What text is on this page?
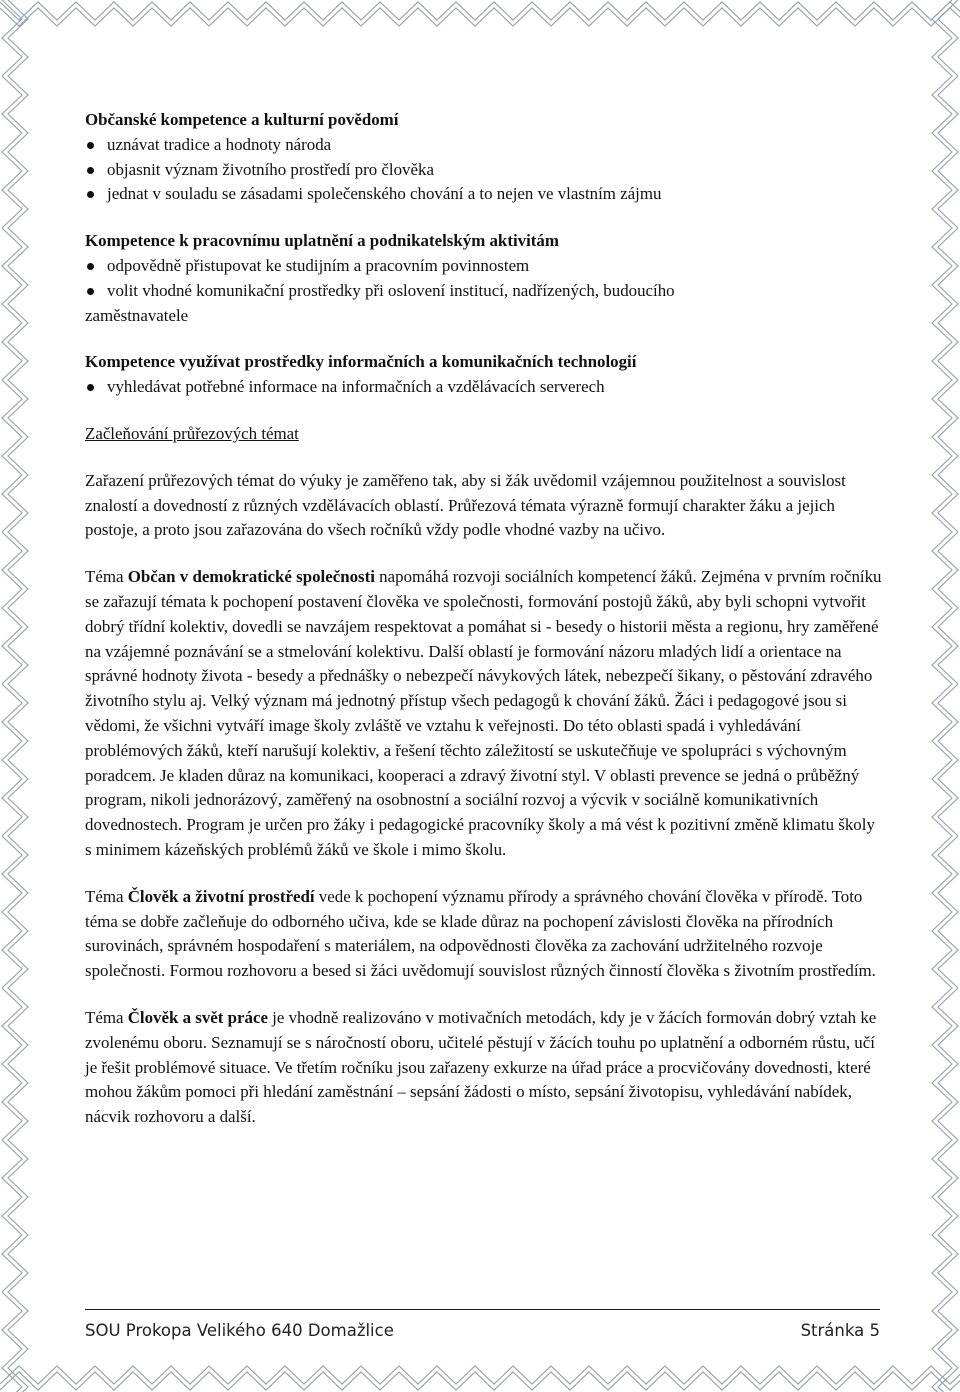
Občanské kompetence a kulturní povědomí
uznávat tradice a hodnoty národa
objasnit význam životního prostředí pro člověka
jednat v souladu se zásadami společenského chování a to nejen ve vlastním zájmu
Kompetence k pracovnímu uplatnění a podnikatelským aktivitám
odpovědně přistupovat ke studijním a pracovním povinnostem
volit vhodné komunikační prostředky při oslovení institucí, nadřízených, budoucího
zaměstnavatele
Kompetence využívat prostředky informačních a komunikačních technologií
vyhledávat potřebné informace na informačních a vzdělávacích serverech
Začleňování průřezových témat

Zařazení průřezových témat do výuky je zaměřeno tak, aby si žák uvědomil vzájemnou použitelnost a souvislost znalostí a dovedností z různých vzdělávacích oblastí. Průřezová témata výrazně formují charakter žáku a jejich postoje, a proto jsou zařazována do všech ročníků vždy podle vhodné vazby na učivo.

Téma Občan v demokratické společnosti napomáhá rozvoji sociálních kompetencí žáků. Zejména v prvním ročníku se zařazují témata k pochopení postavení člověka ve společnosti, formování postojů žáků, aby byli schopni vytvořit dobrý třídní kolektiv, dovedli se navzájem respektovat a pomáhat si - besedy o historii města a regionu, hry zaměřené na vzájemné poznávání se a stmelování kolektivu. Další oblastí je formování názoru mladých lidí a orientace na správné hodnoty života - besedy a přednášky o nebezpečí návykových látek, nebezpečí šikany, o pěstování zdravého životního stylu aj. Velký význam má jednotný přístup všech pedagogů k chování žáků. Žáci i pedagogové jsou si vědomi, že všichni vytváří image školy zvláště ve vztahu k veřejnosti. Do této oblasti spadá i vyhledávání problémových žáků, kteří narušují kolektiv, a řešení těchto záležitostí se uskutečňuje ve spolupráci s výchovným poradcem. Je kladen důraz na komunikaci, kooperaci a zdravý životní styl. V oblasti prevence se jedná o průběžný program, nikoli jednorázový, zaměřený na osobnostní a sociální rozvoj a výcvik v sociálně komunikativních dovednostech. Program je určen pro žáky i pedagogické pracovníky školy a má vést k pozitivní změně klimatu školy s minimem kázeňských problémů žáků ve škole i mimo školu.

Téma Člověk a životní prostředí vede k pochopení významu přírody a správného chování člověka v přírodě. Toto téma se dobře začleňuje do odborného učiva, kde se klade důraz na pochopení závislosti člověka na přírodních surovinách, správném hospodaření s materiálem, na odpovědnosti člověka za zachování udržitelného rozvoje společnosti. Formou rozhovoru a besed si žáci uvědomují souvislost různých činností člověka s životním prostředím.

Téma Člověk a svět práce je vhodně realizováno v motivačních metodách, kdy je v žácích formován dobrý vztah ke zvolenému oboru. Seznamují se s náročností oboru, učitelé pěstují v žácích touhu po uplatnění a odborném růstu, učí je řešit problémové situace. Ve třetím ročníku jsou zařazeny exkurze na úřad práce a procvičovány dovednosti, které mohou žákům pomoci při hledání zaměstnání – sepsání žádosti o místo, sepsání životopisu, vyhledávání nabídek, nácvik rozhovoru a další.

SOU Prokopa Velikého 640 Domažlice	Stránka 5
